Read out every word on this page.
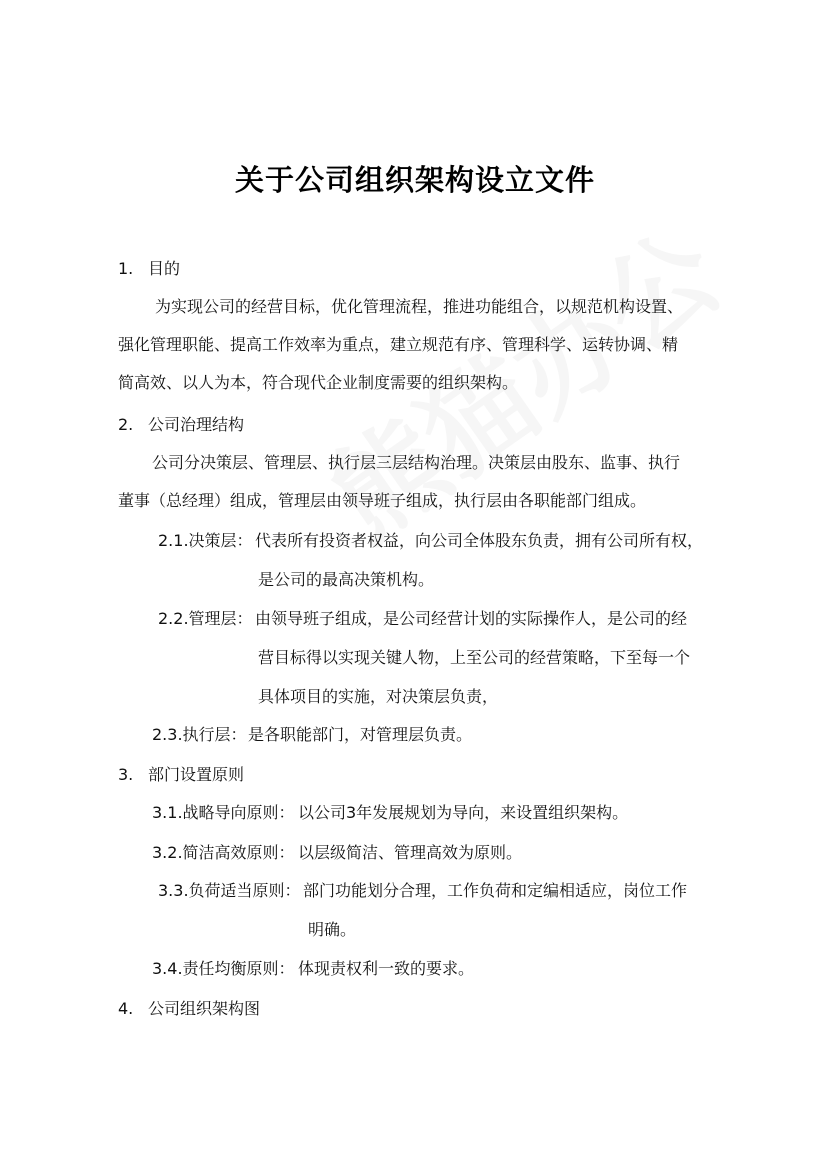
关于公司组织架构设立文件
1. 目的
为实现公司的经营目标，优化管理流程，推进功能组合，以规范机构设置、
强化管理职能、提高工作效率为重点，建立规范有序、管理科学、运转协调、精
简高效、以人为本，符合现代企业制度需要的组织架构。
2. 公司治理结构
公司分决策层、管理层、执行层三层结构治理。决策层由股东、监事、执行
董事（总经理）组成，管理层由领导班子组成，执行层由各职能部门组成。
2.1.决策层： 代表所有投资者权益，向公司全体股东负责，拥有公司所有权，
是公司的最高决策机构。
2.2.管理层： 由领导班子组成，是公司经营计划的实际操作人，是公司的经
营目标得以实现关键人物，上至公司的经营策略，下至每一个
具体项目的实施，对决策层负责，
2.3.执行层： 是各职能部门，对管理层负责。
3. 部门设置原则
3.1.战略导向原则： 以公司3年发展规划为导向，来设置组织架构。
3.2.简洁高效原则： 以层级简洁、管理高效为原则。
3.3.负荷适当原则： 部门功能划分合理，工作负荷和定编相适应，岗位工作
明确。
3.4.责任均衡原则： 体现责权利一致的要求。
4. 公司组织架构图
